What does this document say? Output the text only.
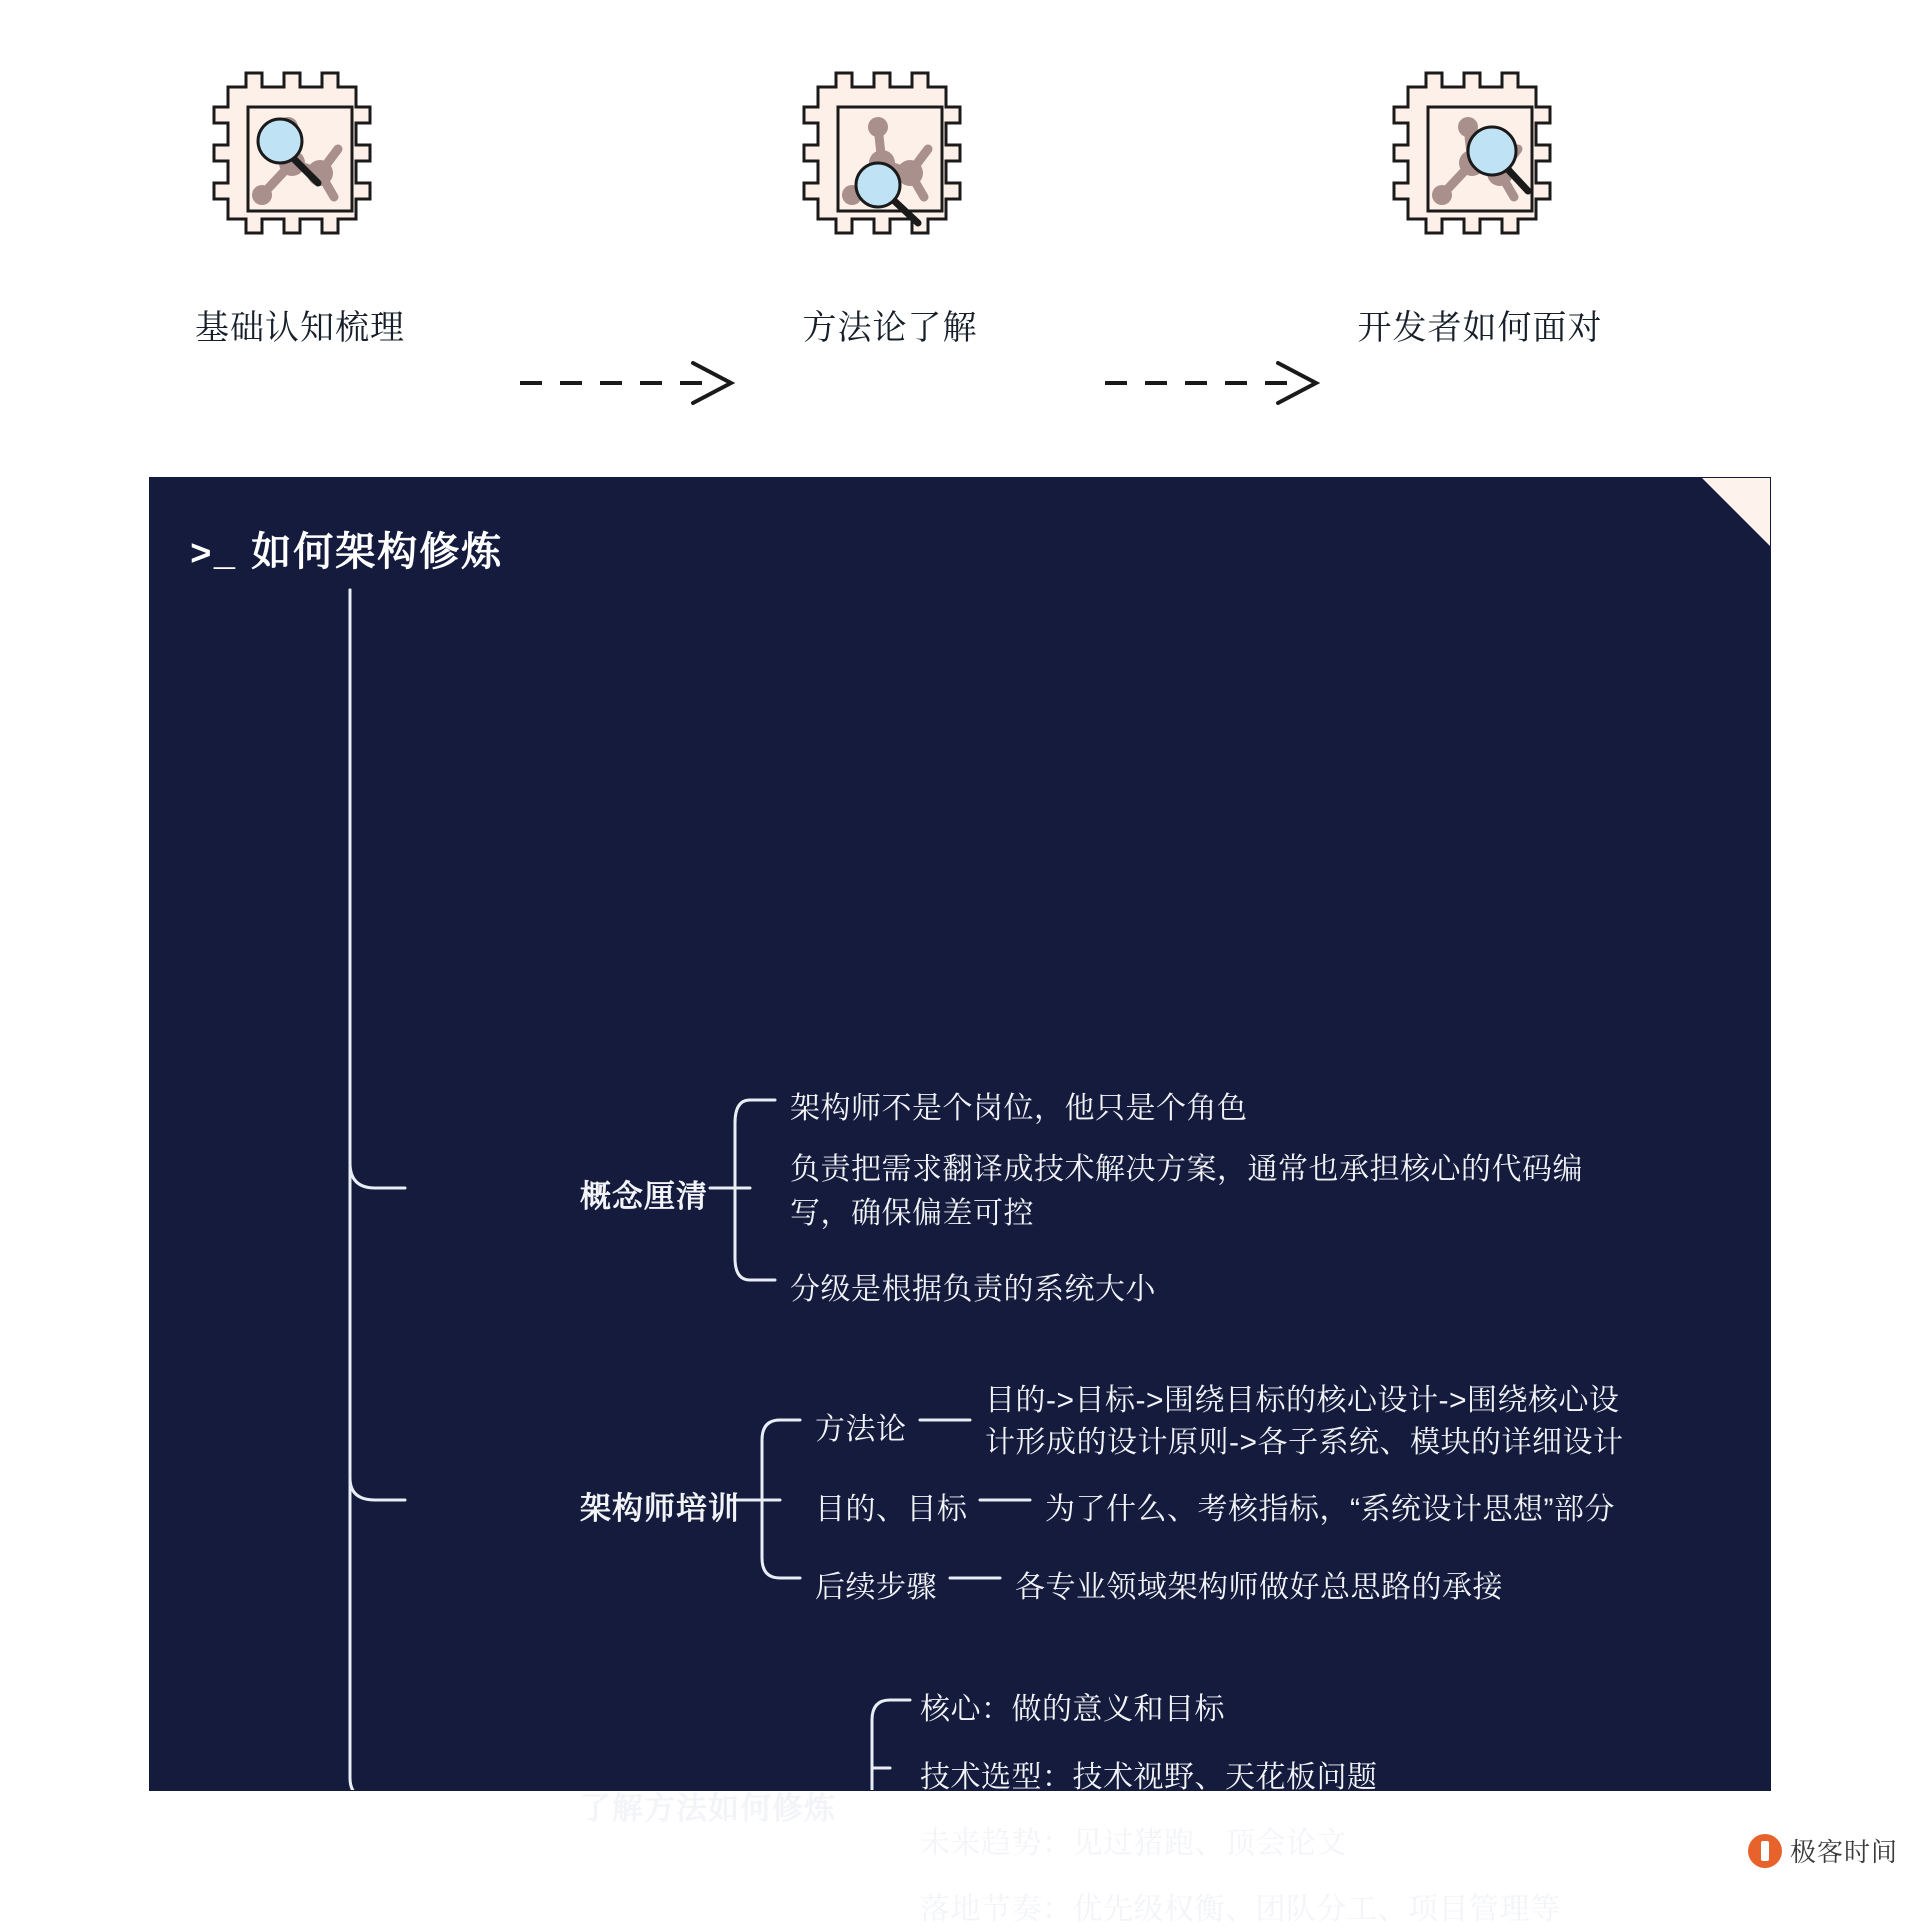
基础认知梳理	方法论了解	开发者如何面对
>_ 如何架构修炼
概念厘清
架构师不是个岗位，他只是个角色
负责把需求翻译成技术解决方案，通常也承担核心的代码编写，确保偏差可控
分级是根据负责的系统大小
架构师培训
方法论
目的->目标->围绕目标的核心设计->围绕核心设计形成的设计原则->各子系统、模块的详细设计
目的、目标	为了什么、考核指标，“系统设计思想”部分
后续步骤	各专业领域架构师做好总思路的承接
了解方法如何修炼
核心：做的意义和目标
技术选型：技术视野、天花板问题
未来趋势：见过猪跑、顶会论文
落地节奏：优先级权衡、团队分工、项目管理等
极客时间
